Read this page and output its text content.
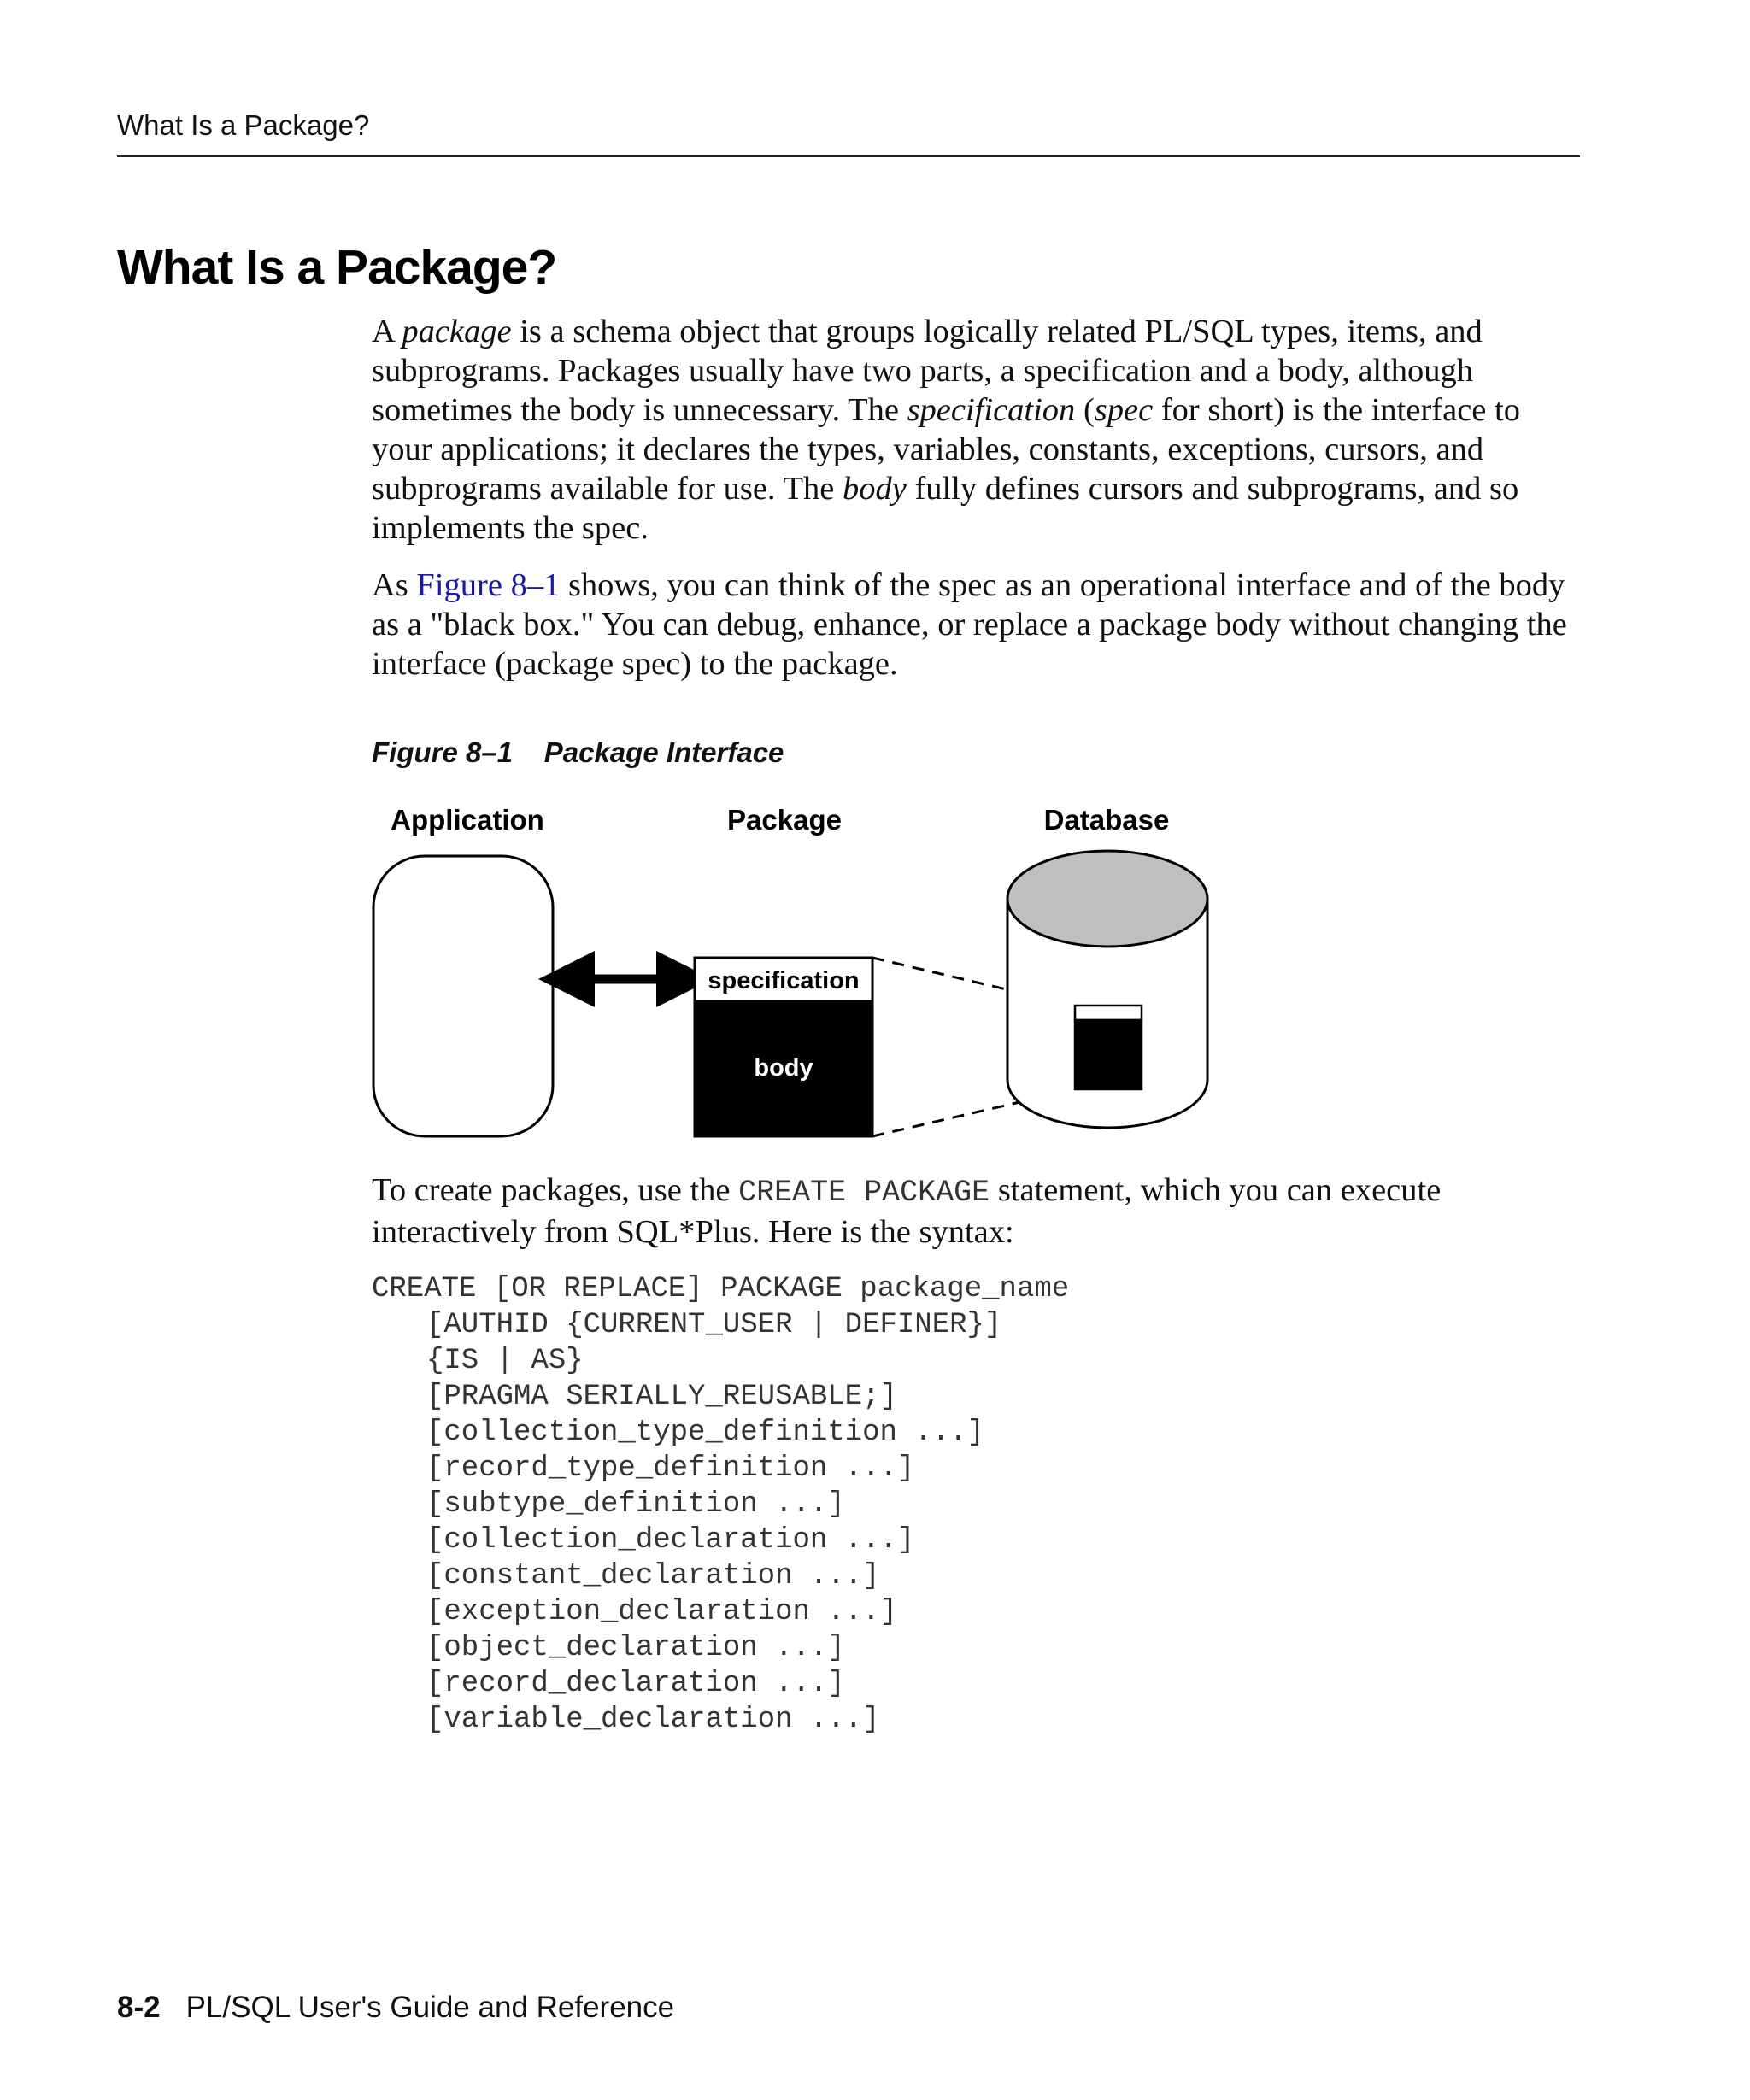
What Is a Package?
What Is a Package?

A package is a schema object that groups logically related PL/SQL types, items, and subprograms. Packages usually have two parts, a specification and a body, although sometimes the body is unnecessary. The specification (spec for short) is the interface to your applications; it declares the types, variables, constants, exceptions, cursors, and subprograms available for use. The body fully defines cursors and subprograms, and so implements the spec.

As Figure 8–1 shows, you can think of the spec as an operational interface and of the body as a "black box." You can debug, enhance, or replace a package body without changing the interface (package spec) to the package.

Figure 8–1    Package Interface
Application	Package	Database
specification
body

To create packages, use the CREATE PACKAGE statement, which you can execute interactively from SQL*Plus. Here is the syntax:

CREATE [OR REPLACE] PACKAGE package_name
[AUTHID {CURRENT_USER | DEFINER}]
{IS | AS}
[PRAGMA SERIALLY_REUSABLE;]
[collection_type_definition ...]
[record_type_definition ...]
[subtype_definition ...]
[collection_declaration ...]
[constant_declaration ...]
[exception_declaration ...]
[object_declaration ...]
[record_declaration ...]
[variable_declaration ...]
8-2 PL/SQL User's Guide and Reference
